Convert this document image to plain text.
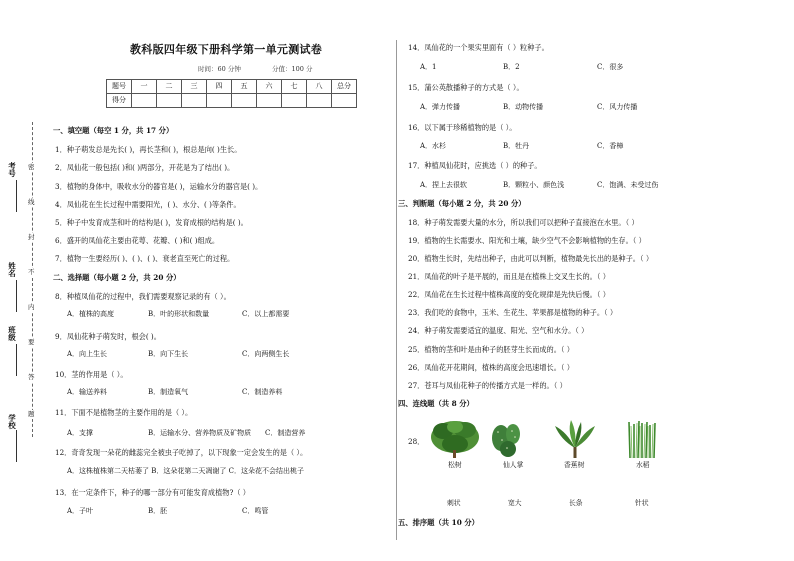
考号
姓名
班级
学校
密
线
封
不
内
要
答
题
教科版四年级下册科学第一单元测试卷
时间：60 分钟	分值：100 分
题号	一	二	三	四	五	六	七	八	总分
得分									
一、填空题（每空 1 分，共 17 分）
1．种子萌发总是先长( )，再长茎和( )，根总是向( )生长。
2．凤仙花一般包括( )和( )两部分，开花是为了结出( )。
3．植物的身体中，吸收水分的器官是( )，运输水分的器官是( )。
4．凤仙花在生长过程中需要阳光，( )、水分、( )等条件。
5．种子中发育成茎和叶的结构是( )，发育成根的结构是( )。
6．盛开的凤仙花主要由花萼、花瓣、( )和( )组成。
7．植物一生要经历( )、( )、( )、衰老直至死亡的过程。
二、选择题（每小题 2 分，共 20 分）
8．种植凤仙花的过程中，我们需要观察记录的有（ ）。
A．植株的高度	B．叶的形状和数量	C．以上都需要
9．凤仙花种子萌发时，根会( )。
A．向上生长	B．向下生长	C．向两侧生长
10．茎的作用是（ ）。
A．输送养料	B．制造氧气	C．制造养料
11．下面不是植物茎的主要作用的是（ ）。
A．支撑	B．运输水分、营养物质及矿物质 C．制造营养
12．奇奇发现一朵花的雌蕊完全被虫子吃掉了，以下现象一定会发生的是（ ）。
A．这株植株第二天枯萎了 B．这朵花第二天凋谢了 C．这朵花不会结出桃子
13．在一定条件下，种子的哪一部分有可能发育成植物?（ ）
A．子叶	B．胚	C．鸣管
14．凤仙花的一个果实里面有（ ）粒种子。
A．1	B．2	C．很多
15．蒲公英散播种子的方式是（ ）。
A．弹力传播	B．动物传播	C．风力传播
16．以下属于珍稀植物的是（ ）。
A．水杉	B．牡丹	C．香樟
17．种植凤仙花时，应挑选（ ）的种子。
A．捏上去很软	B．颗粒小、颜色浅	C．饱满、未受过伤
三、判断题（每小题 2 分，共 20 分）
18．种子萌发需要大量的水分，所以我们可以把种子直接泡在水里。（ ）
19．植物的生长需要水、阳光和土壤，缺少空气不会影响植物的生存。（ ）
20．植物生长时，先结出种子，由此可以判断，植物最先长出的是种子。（ ）
21．凤仙花的叶子是平展的，而且是在植株上交叉生长的。（ ）
22．凤仙花在生长过程中植株高度的变化规律是先快后慢。（ ）
23．我们吃的食物中，玉米、生花生、苹果都是植物的种子。（ ）
24．种子萌发需要适宜的温度、阳光、空气和水分。（ ）
25．植物的茎和叶是由种子的胚芽生长而成的。（ ）
26．凤仙花开花期间，植株的高度会迅速增长。（ ）
27．苍耳与凤仙花种子的传播方式是一样的。（ ）
四、连线题（共 8 分）
28．
松树	仙人掌	香蕉树	水稻
刺状	宽大	长条	针状
五、排序题（共 10 分）
